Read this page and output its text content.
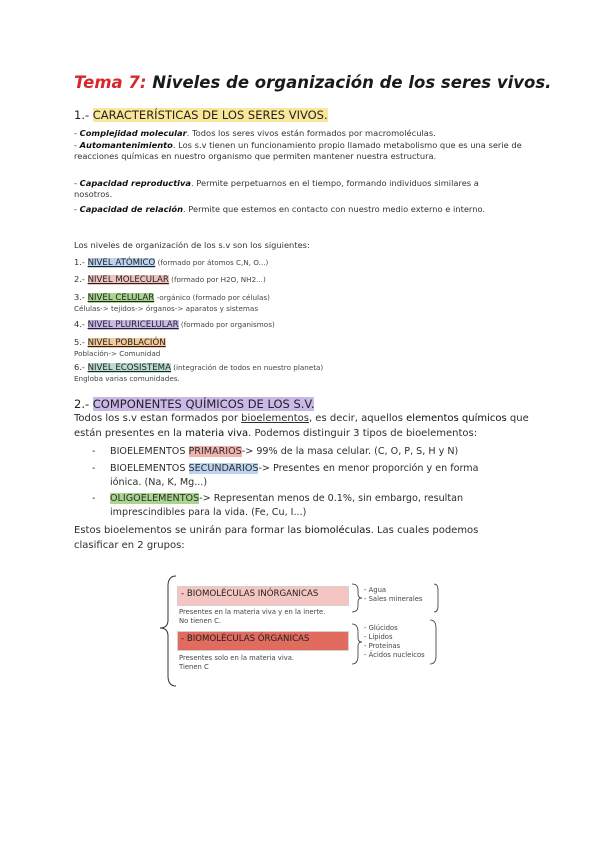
Tema 7: Niveles de organización de los seres vivos.
1.- CARACTERÍSTICAS DE LOS SERES VIVOS.
- Complejidad molecular. Todos los seres vivos están formados por macromoléculas.
- Automantenimiento. Los s.v tienen un funcionamiento propio llamado metabolismo que es una serie de reacciones químicas en nuestro organismo que permiten mantener nuestra estructura.
- Capacidad reproductiva. Permite perpetuarnos en el tiempo, formando individuos similares a nosotros.
- Capacidad de relación. Permite que estemos en contacto con nuestro medio externo e interno.
Los niveles de organización de los s.v son los siguientes:
1.- NIVEL ATÓMICO (formado por átomos C,N, O...)
2.- NIVEL MOLECULAR (formado por H2O, NH2...)
3.- NIVEL CELULAR -orgánico (formado por células)
Células-> tejidos-> órganos-> aparatos y sistemas
4.- NIVEL PLURICELULAR (formado por organismos)
5.- NIVEL POBLACIÓN
Población-> Comunidad
6.- NIVEL ECOSISTEMA (integración de todos en nuestro planeta)
Engloba varias comunidades.
2.- COMPONENTES QUÍMICOS DE LOS S.V.
Todos los s.v estan formados por bioelementos, es decir, aquellos elementos químicos que están presentes en la materia viva. Podemos distinguir 3 tipos de bioelementos:
- BIOELEMENTOS PRIMARIOS-> 99% de la masa celular. (C, O, P, S, H y N)
- BIOELEMENTOS SECUNDARIOS-> Presentes en menor proporción y en forma iónica. (Na, K, Mg...)
- OLIGOELEMENTOS-> Representan menos de 0.1%, sin embargo, resultan imprescindibles para la vida. (Fe, Cu, I...)
Estos bioelementos se unirán para formar las biomoléculas. Las cuales podemos clasificar en 2 grupos:
- BIOMOLÉCULAS INÓRGANICAS
Presentes en la materia viva y en la inerte.
No tienen C.
- Agua
- Sales minerales
- BIOMOLÉCULAS ÓRGANICAS
Presentes solo en la materia viva.
Tienen C
- Glúcidos
- Lípidos
- Proteínas
- Ácidos nucleicos
